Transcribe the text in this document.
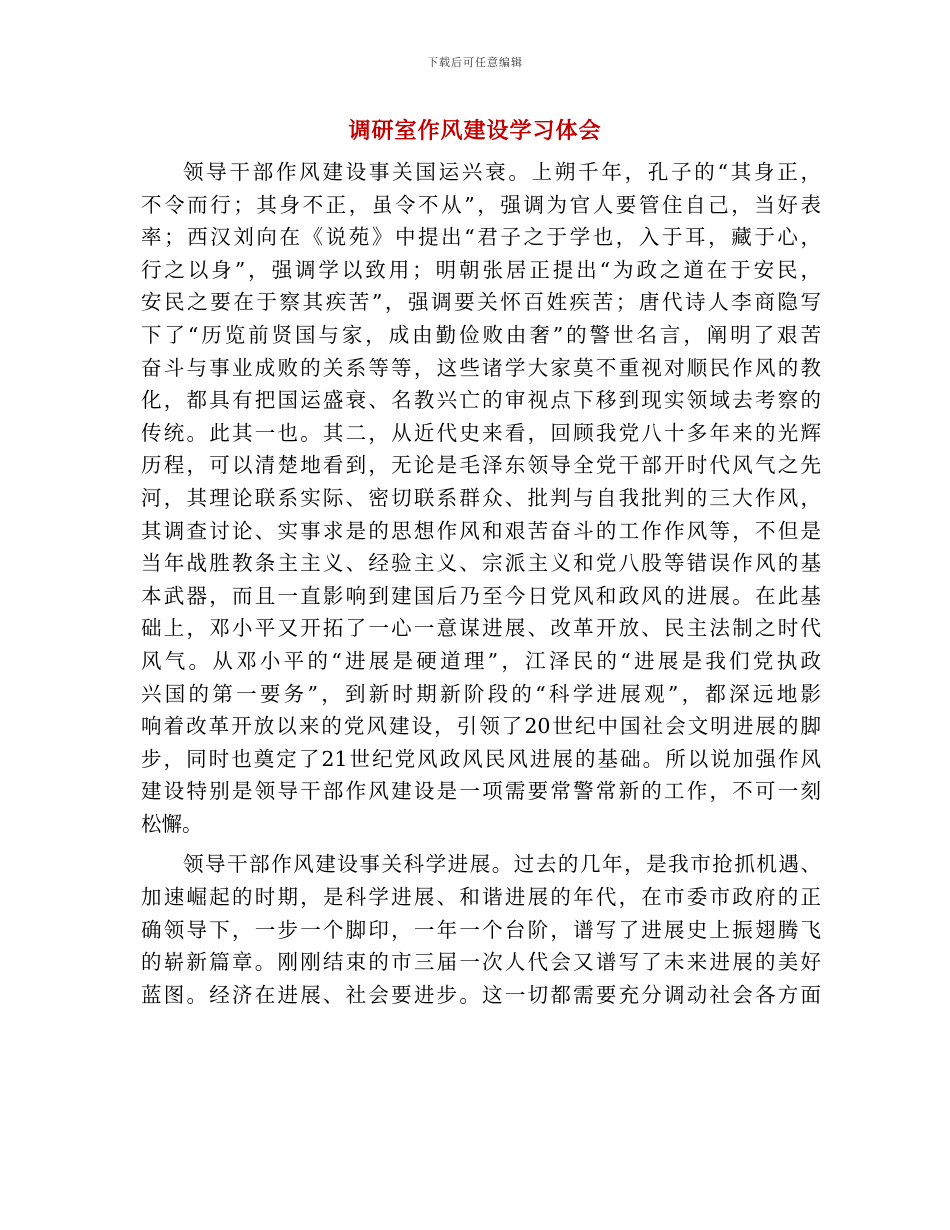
下载后可任意编辑
调研室作风建设学习体会
领导干部作风建设事关国运兴衰。上朔千年，孔子的“其身正，
不令而行；其身不正，虽令不从”，强调为官人要管住自己，当好表
率；西汉刘向在《说苑》中提出“君子之于学也，入于耳，藏于心，
行之以身”，强调学以致用；明朝张居正提出“为政之道在于安民，
安民之要在于察其疾苦”，强调要关怀百姓疾苦；唐代诗人李商隐写
下了“历览前贤国与家，成由勤俭败由奢”的警世名言，阐明了艰苦
奋斗与事业成败的关系等等，这些诸学大家莫不重视对顺民作风的教
化，都具有把国运盛衰、名教兴亡的审视点下移到现实领域去考察的
传统。此其一也。其二，从近代史来看，回顾我党八十多年来的光辉
历程，可以清楚地看到，无论是毛泽东领导全党干部开时代风气之先
河，其理论联系实际、密切联系群众、批判与自我批判的三大作风，
其调查讨论、实事求是的思想作风和艰苦奋斗的工作作风等，不但是
当年战胜教条主主义、经验主义、宗派主义和党八股等错误作风的基
本武器，而且一直影响到建国后乃至今日党风和政风的进展。在此基
础上，邓小平又开拓了一心一意谋进展、改革开放、民主法制之时代
风气。从邓小平的“进展是硬道理”，江泽民的“进展是我们党执政
兴国的第一要务”，到新时期新阶段的“科学进展观”，都深远地影
响着改革开放以来的党风建设，引领了20世纪中国社会文明进展的脚
步，同时也奠定了21世纪党风政风民风进展的基础。所以说加强作风
建设特别是领导干部作风建设是一项需要常警常新的工作，不可一刻
松懈。
领导干部作风建设事关科学进展。过去的几年，是我市抢抓机遇、
加速崛起的时期，是科学进展、和谐进展的年代，在市委市政府的正
确领导下，一步一个脚印，一年一个台阶，谱写了进展史上振翅腾飞
的崭新篇章。刚刚结束的市三届一次人代会又谱写了未来进展的美好
蓝图。经济在进展、社会要进步。这一切都需要充分调动社会各方面
